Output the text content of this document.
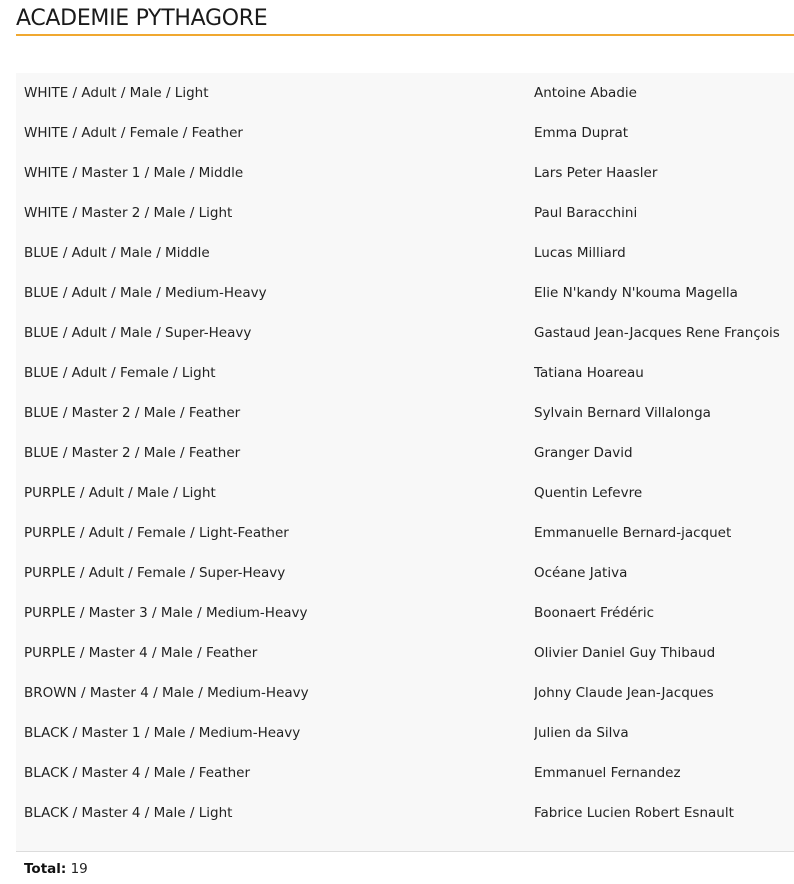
ACADEMIE PYTHAGORE
WHITE / Adult / Male / Light	Antoine Abadie
WHITE / Adult / Female / Feather	Emma Duprat
WHITE / Master 1 / Male / Middle	Lars Peter Haasler
WHITE / Master 2 / Male / Light	Paul Baracchini
BLUE / Adult / Male / Middle	Lucas Milliard
BLUE / Adult / Male / Medium-Heavy	Elie N'kandy N'kouma Magella
BLUE / Adult / Male / Super-Heavy	Gastaud Jean-Jacques Rene François
BLUE / Adult / Female / Light	Tatiana Hoareau
BLUE / Master 2 / Male / Feather	Sylvain Bernard Villalonga
BLUE / Master 2 / Male / Feather	Granger David
PURPLE / Adult / Male / Light	Quentin Lefevre
PURPLE / Adult / Female / Light-Feather	Emmanuelle Bernard-jacquet
PURPLE / Adult / Female / Super-Heavy	Océane Jativa
PURPLE / Master 3 / Male / Medium-Heavy	Boonaert Frédéric
PURPLE / Master 4 / Male / Feather	Olivier Daniel Guy Thibaud
BROWN / Master 4 / Male / Medium-Heavy	Johny Claude Jean-Jacques
BLACK / Master 1 / Male / Medium-Heavy	Julien da Silva
BLACK / Master 4 / Male / Feather	Emmanuel Fernandez
BLACK / Master 4 / Male / Light	Fabrice Lucien Robert Esnault
Total: 19
